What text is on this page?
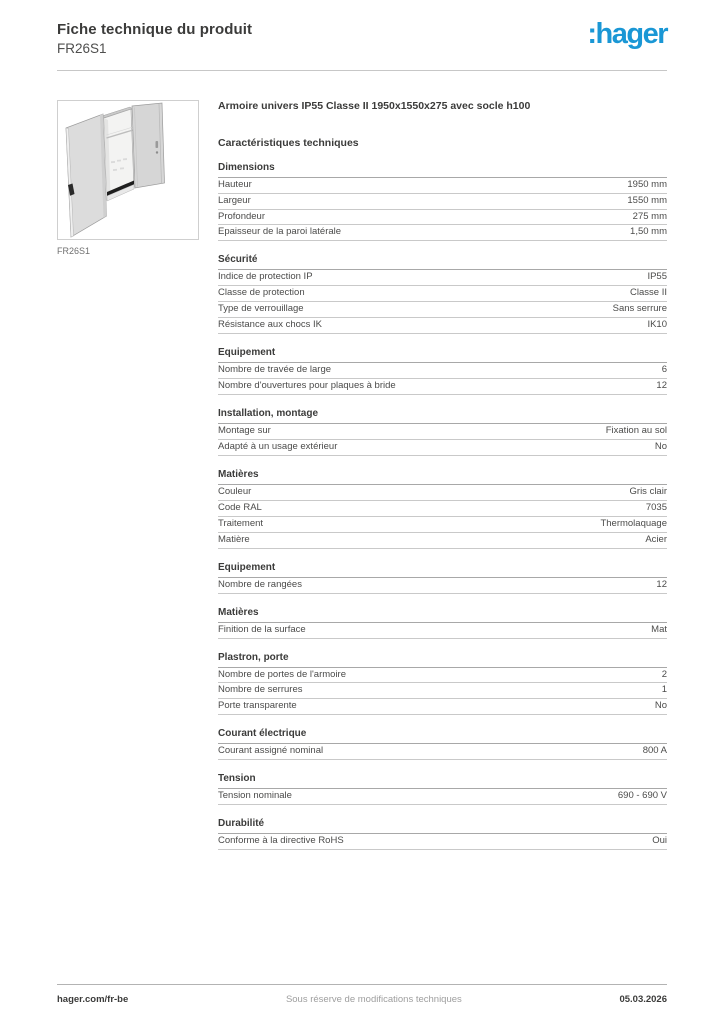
Fiche technique du produit
FR26S1	:hager
FR26S1
Armoire univers IP55 Classe II 1950x1550x275 avec socle h100
Caractéristiques techniques
Dimensions
Hauteur	1950 mm
Largeur	1550 mm
Profondeur	275 mm
Epaisseur de la paroi latérale	1,50 mm
Sécurité
Indice de protection IP	IP55
Classe de protection	Classe II
Type de verrouillage	Sans serrure
Résistance aux chocs IK	IK10
Equipement
Nombre de travée de large	6
Nombre d'ouvertures pour plaques à bride	12
Installation, montage
Montage sur	Fixation au sol
Adapté à un usage extérieur	No
Matières
Couleur	Gris clair
Code RAL	7035
Traitement	Thermolaquage
Matière	Acier
Equipement
Nombre de rangées	12
Matières
Finition de la surface	Mat
Plastron, porte
Nombre de portes de l'armoire	2
Nombre de serrures	1
Porte transparente	No
Courant électrique
Courant assigné nominal	800 A
Tension
Tension nominale	690 - 690 V
Durabilité
Conforme à la directive RoHS	Oui
hager.com/fr-be	Sous réserve de modifications techniques	05.03.2026
